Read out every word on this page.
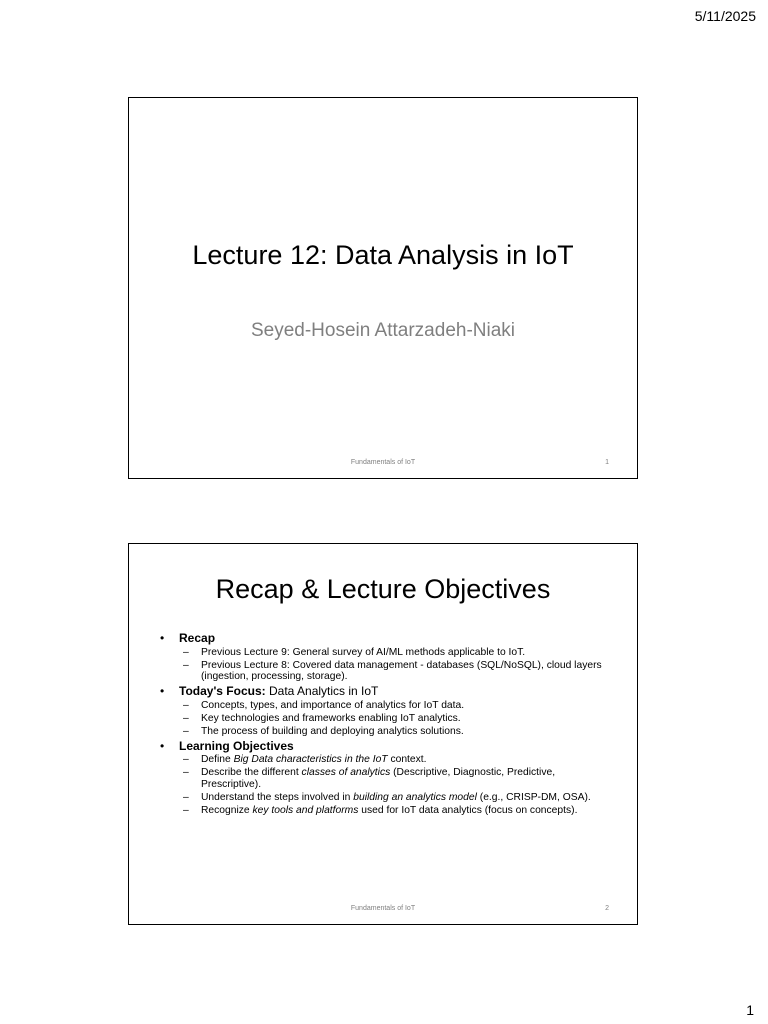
5/11/2025
Lecture 12: Data Analysis in IoT
Seyed-Hosein Attarzadeh-Niaki
Fundamentals of IoT	1
Recap & Lecture Objectives
• Recap
– Previous Lecture 9: General survey of AI/ML methods applicable to IoT.
– Previous Lecture 8: Covered data management - databases (SQL/NoSQL), cloud layers (ingestion, processing, storage).
• Today's Focus: Data Analytics in IoT
– Concepts, types, and importance of analytics for IoT data.
– Key technologies and frameworks enabling IoT analytics.
– The process of building and deploying analytics solutions.
• Learning Objectives
– Define Big Data characteristics in the IoT context.
– Describe the different classes of analytics (Descriptive, Diagnostic, Predictive, Prescriptive).
– Understand the steps involved in building an analytics model (e.g., CRISP-DM, OSA).
– Recognize key tools and platforms used for IoT data analytics (focus on concepts).
Fundamentals of IoT	2
1
